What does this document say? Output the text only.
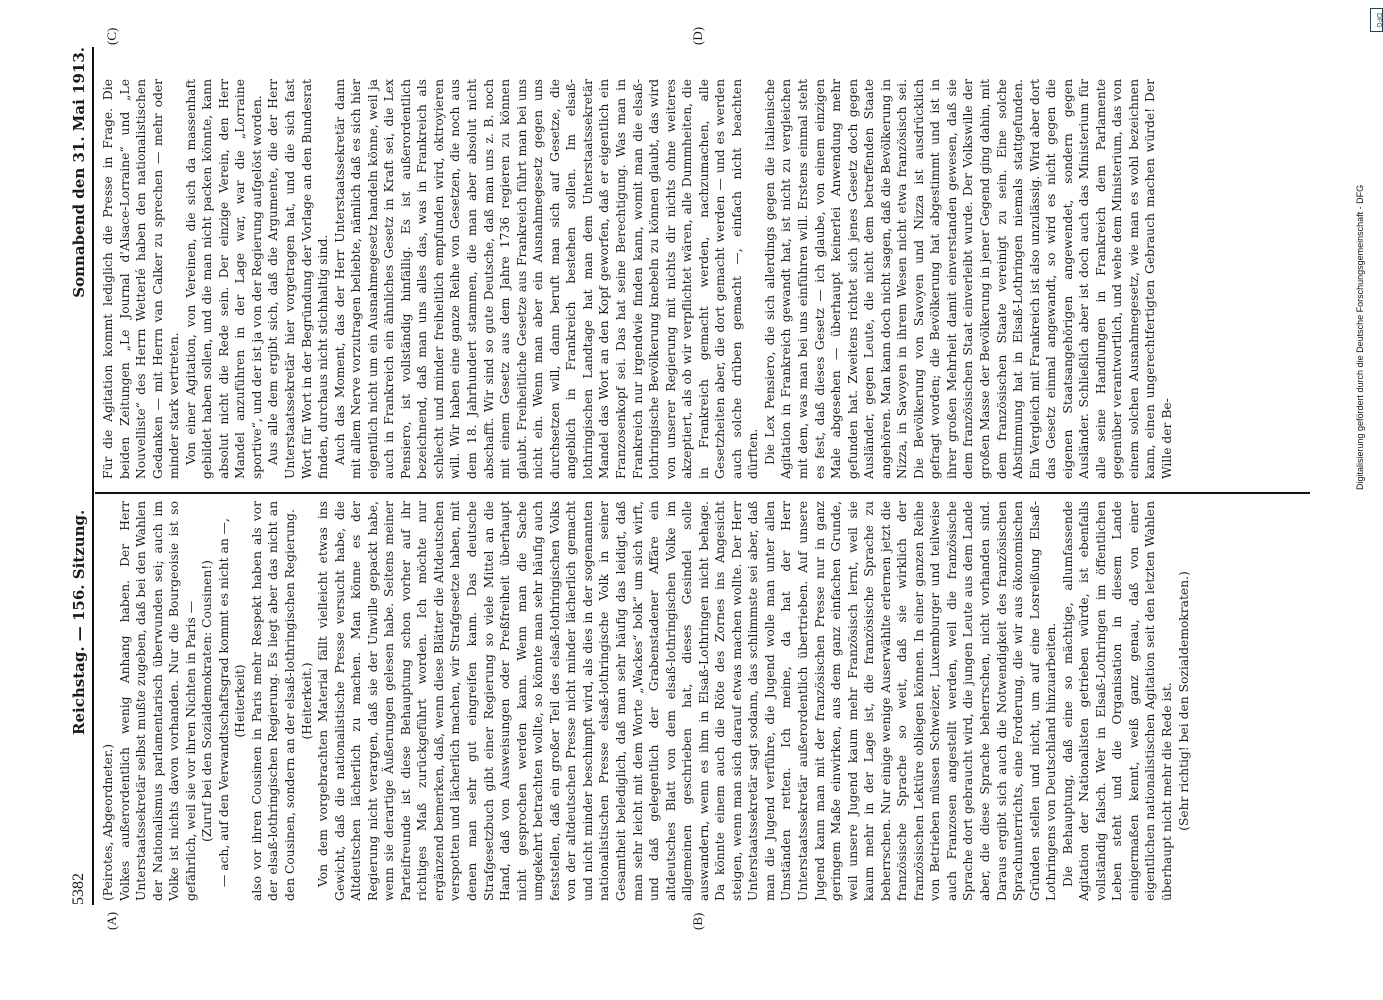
5382
Reichstag. — 156. Sitzung.
Sonnabend den 31. Mai 1913.
(A)	(B)
(C)	(D)

(Peirotes, Abgeordneter.) Volkes außerordentlich wenig Anhang haben. Der Herr Unterstaatssekretär selbst mußte zugeben, daß bei den Wahlen der Nationalismus parlamentarisch überwunden sei; auch im Volke ist nichts davon vorhanden. Nur die Bourgeoisie ist so gefährlich, weil sie vor ihren Nichten in Paris — (Zuruf bei den Sozialdemokraten: Cousinen!) — ach, auf den Verwandtschaftsgrad kommt es nicht an —, (Heiterkeit) also vor ihren Cousinen in Paris mehr Respekt haben als vor der elsaß-lothringischen Regierung. Es liegt aber das nicht an den Cousinen, sondern an der elsaß-lothringischen Regierung. (Heiterkeit.) Von dem vorgebrachten Material fällt vielleicht etwas ins Gewicht, daß die nationalistische Presse versucht habe, die Altdeutschen lächerlich zu machen. Man könne es der Regierung nicht verargen, daß sie der Unwille gepackt habe, wenn sie derartige Äußerungen gelesen habe. Seitens meiner Parteifreunde ist diese Behauptung schon vorher auf ihr richtiges Maß zurückgeführt worden. Ich möchte nur ergänzend bemerken, daß, wenn diese Blätter die Altdeutschen verspotten und lächerlich machen, wir Strafgesetze haben, mit denen man sehr gut eingreifen kann. Das deutsche Strafgesetzbuch gibt einer Regierung so viele Mittel an die Hand, daß von Ausweisungen oder Preßfreiheit überhaupt nicht gesprochen werden kann. Wenn man die Sache umgekehrt betrachten wollte, so könnte man sehr häufig auch feststellen, daß ein großer Teil des elsaß-lothringischen Volks von der altdeutschen Presse nicht minder lächerlich gemacht und nicht minder beschimpft wird, als dies in der sogenannten nationalistischen Presse elsaß-lothringische Volk in seiner Gesamtheit belediglich, daß man sehr häufig das leidigt, daß man sehr leicht mit dem Worte „Wackes“ bolk“ um sich wirft, und daß gelegentlich der Grabenstadener Affäre ein altdeutsches Blatt von dem elsaß-lothringischen Volke im allgemeinen geschrieben hat, dieses Gesindel solle auswandern, wenn es ihm in Elsaß-Lothringen nicht behage. Da könnte einem auch die Röte des Zornes ins Angesicht steigen, wenn man sich darauf etwas machen wollte. Der Herr Unterstaatssekretär sagt sodann, das schlimmste sei aber, daß man die Jugend verführe, die Jugend wolle man unter allen Umständen retten. Ich meine, da hat der Herr Unterstaatssekretär außerordentlich übertrieben. Auf unsere Jugend kann man mit der französischen Presse nur in ganz geringem Maße einwirken, aus dem ganz einfachen Grunde, weil unsere Jugend kaum mehr Französisch lernt, weil sie kaum mehr in der Lage ist, die französische Sprache zu beherrschen. Nur einige wenige Auserwählte erlernen jetzt die französische Sprache so weit, daß sie wirklich der französischen Lektüre obliegen können. In einer ganzen Reihe von Betrieben müssen Schweizer, Luxemburger und teilweise auch Franzosen angestellt werden, weil die französische Sprache dort gebraucht wird, die jungen Leute aus dem Lande aber, die diese Sprache beherrschen, nicht vorhanden sind. Daraus ergibt sich auch die Notwendigkeit des französischen Sprachunterrichts, eine Forderung, die wir aus ökonomischen Gründen stellen und nicht, um auf eine Losreißung Elsaß-Lothringens von Deutschland hinzuarbeiten. Die Behauptung, daß eine so mächtige, allumfassende Agitation der Nationalisten getrieben würde, ist ebenfalls vollständig falsch. Wer in Elsaß-Lothringen im öffentlichen Leben steht und die Organisation in diesem Lande einigermaßen kennt, weiß ganz genau, daß von einer eigentlichen nationalistischen Agitation seit den letzten Wahlen überhaupt nicht mehr die Rede ist. (Sehr richtig! bei den Sozialdemokraten.)

Für die Agitation kommt lediglich die Presse in Frage. Die beiden Zeitungen „Le Journal d'Alsace-Lorraine“ und „Le Nouvelliste“ des Herrn Wetterlé haben den nationalistischen Gedanken — mit Herrn van Calker zu sprechen — mehr oder minder stark vertreten. Von einer Agitation, von Vereinen, die sich da massenhaft gebildet haben sollen, und die man nicht packen könnte, kann absolut nicht die Rede sein. Der einzige Verein, den Herr Mandel anzuführen in der Lage war, war die „Lorraine sportive“, und der ist ja von der Regierung aufgelöst worden. Aus alle dem ergibt sich, daß die Argumente, die der Herr Unterstaatssekretär hier vorgetragen hat, und die sich fast Wort für Wort in der Begründung der Vorlage an den Bundesrat finden, durchaus nicht stichhaltig sind. Auch das Moment, das der Herr Unterstaatssekretär dann mit allem Nerve vorzutragen beliebte, nämlich daß es sich hier eigentlich nicht um ein Ausnahmegesetz handeln könne, weil ja auch in Frankreich ein ähnliches Gesetz in Kraft sei, die Lex Pensiero, ist vollständig hinfällig. Es ist außerordentlich bezeichnend, daß man uns alles das, was in Frankreich als schlecht und minder freiheitlich empfunden wird, oktroyieren will. Wir haben eine ganze Reihe von Gesetzen, die noch aus dem 18. Jahrhundert stammen, die man aber absolut nicht abschafft. Wir sind so gute Deutsche, daß man uns z. B. noch mit einem Gesetz aus dem Jahre 1736 regieren zu können glaubt. Freiheitliche Gesetze aus Frankreich führt man bei uns nicht ein. Wenn man aber ein Ausnahmegesetz gegen uns durchsetzen will, dann beruft man sich auf Gesetze, die angeblich in Frankreich bestehen sollen. Im elsaß-lothringischen Landtage hat man dem Unterstaatssekretär Mandel das Wort an den Kopf geworfen, daß er eigentlich ein Franzosenkopf sei. Das hat seine Berechtigung. Was man in Frankreich nur irgendwie finden kann, womit man die elsaß-lothringische Bevölkerung knebeln zu können glaubt, das wird von unserer Regierung mit nichts dir nichts ohne weiteres akzeptiert, als ob wir verpflichtet wären, alle Dummheiten, die in Frankreich gemacht werden, nachzumachen, alle Gesetzheiten aber, die dort gemacht werden — und es werden auch solche drüben gemacht —, einfach nicht beachten dürften. Die Lex Pensiero, die sich allerdings gegen die italienische Agitation in Frankreich gewandt hat, ist nicht zu vergleichen mit dem, was man bei uns einführen will. Erstens einmal steht es fest, daß dieses Gesetz — ich glaube, von einem einzigen Male abgesehen — überhaupt keinerlei Anwendung mehr gefunden hat. Zweitens richtet sich jenes Gesetz doch gegen Ausländer, gegen Leute, die nicht dem betreffenden Staate angehören. Man kann doch nicht sagen, daß die Bevölkerung in Nizza, in Savoyen in ihrem Wesen nicht etwa französisch sei. Die Bevölkerung von Savoyen und Nizza ist ausdrücklich gefragt worden; die Bevölkerung hat abgestimmt und ist in ihrer großen Mehrheit damit einverstanden gewesen, daß sie dem französischen Staat einverleibt wurde. Der Volkswille der großen Masse der Bevölkerung in jener Gegend ging dahin, mit dem französischen Staate vereinigt zu sein. Eine solche Abstimmung hat in Elsaß-Lothringen niemals stattgefunden. Ein Vergleich mit Frankreich ist also unzulässig. Wird aber dort das Gesetz einmal angewandt, so wird es nicht gegen die eigenen Staatsangehörigen angewendet, sondern gegen Ausländer. Schließlich aber ist doch auch das Ministerium für alle seine Handlungen in Frankreich dem Parlamente gegenüber verantwortlich, und wehe dem Ministerium, das von einem solchen Ausnahmegesetz, wie man es wohl bezeichnen kann, einen ungerechtfertigten Gebrauch machen würde! Der Wille der Be-	Digitalisierung gefördert durch die Deutsche Forschungsgemeinschaft - DFG
DFG
